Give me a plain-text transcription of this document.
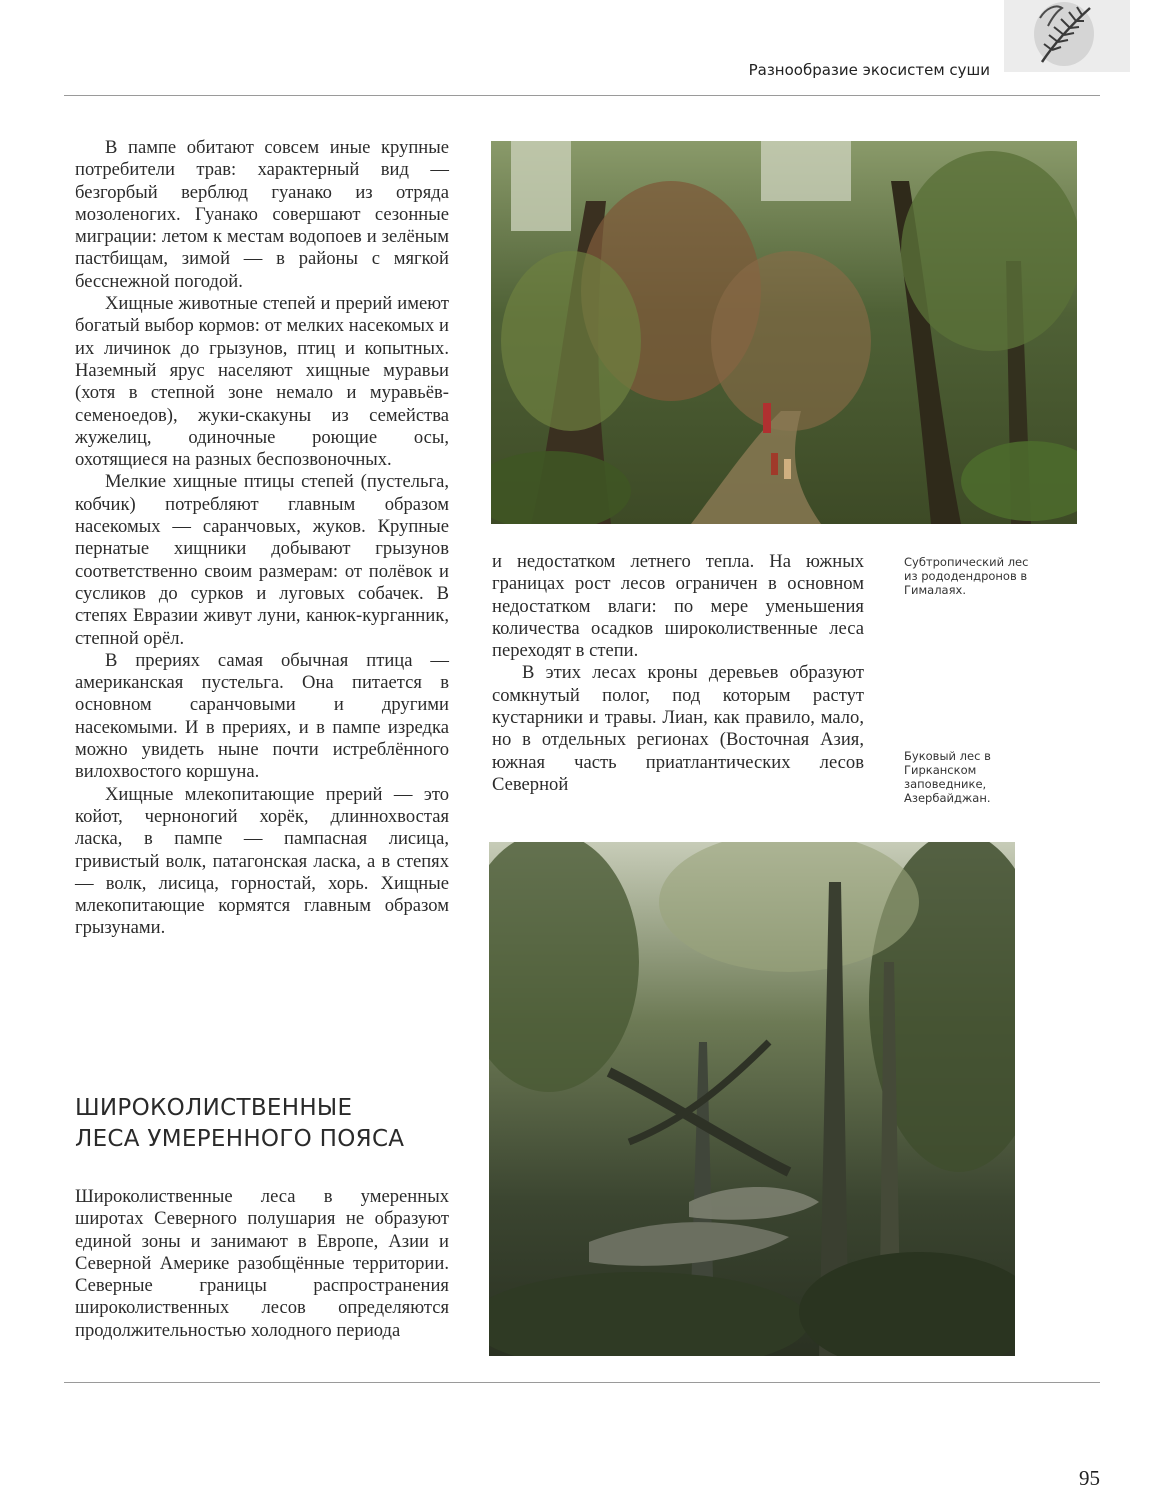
Разнообразие экосистем суши

В пампе обитают совсем иные крупные потребители трав: характерный вид — безгорбый верблюд гуанако из отряда мозоленогих. Гуанако совершают сезонные миграции: летом к местам водопоев и зелёным пастбищам, зимой — в районы с мягкой бесснежной погодой.

Хищные животные степей и прерий имеют богатый выбор кормов: от мелких насекомых и их личинок до грызунов, птиц и копытных. Наземный ярус населяют хищные муравьи (хотя в степной зоне немало и муравьёв-семеноедов), жуки-скакуны из семейства жужелиц, одиночные роющие осы, охотящиеся на разных беспозвоночных.

Мелкие хищные птицы степей (пустельга, кобчик) потребляют главным образом насекомых — саранчовых, жуков. Крупные пернатые хищники добывают грызунов соответственно своим размерам: от полёвок и сусликов до сурков и луговых собачек. В степях Евразии живут луни, канюк-курганник, степной орёл.

В прериях самая обычная птица — американская пустельга. Она питается в основном саранчовыми и другими насекомыми. И в прериях, и в пампе изредка можно увидеть ныне почти истреблённого вилохвостого коршуна.

Хищные млекопитающие прерий — это койот, черноногий хорёк, длиннохвостая ласка, в пампе — пампасная лисица, гривистый волк, патагонская ласка, а в степях — волк, лисица, горностай, хорь. Хищные млекопитающие кормятся главным образом грызунами.

ШИРОКОЛИСТВЕННЫЕ
ЛЕСА УМЕРЕННОГО ПОЯСА

Широколиственные леса в умеренных широтах Северного полушария не образуют единой зоны и занимают в Европе, Азии и Северной Америке разобщённые территории. Северные границы распространения широколиственных лесов определяются продолжительностью холодного периода

и недостатком летнего тепла. На южных границах рост лесов ограничен в основном недостатком влаги: по мере уменьшения количества осадков широколиственные леса переходят в степи.

В этих лесах кроны деревьев образуют сомкнутый полог, под которым растут кустарники и травы. Лиан, как правило, мало, но в отдельных регионах (Восточная Азия, южная часть приатлантических лесов Северной

Субтропический лес из рододендронов в Гималаях.
Буковый лес в Гирканском заповеднике, Азербайджан.
95
